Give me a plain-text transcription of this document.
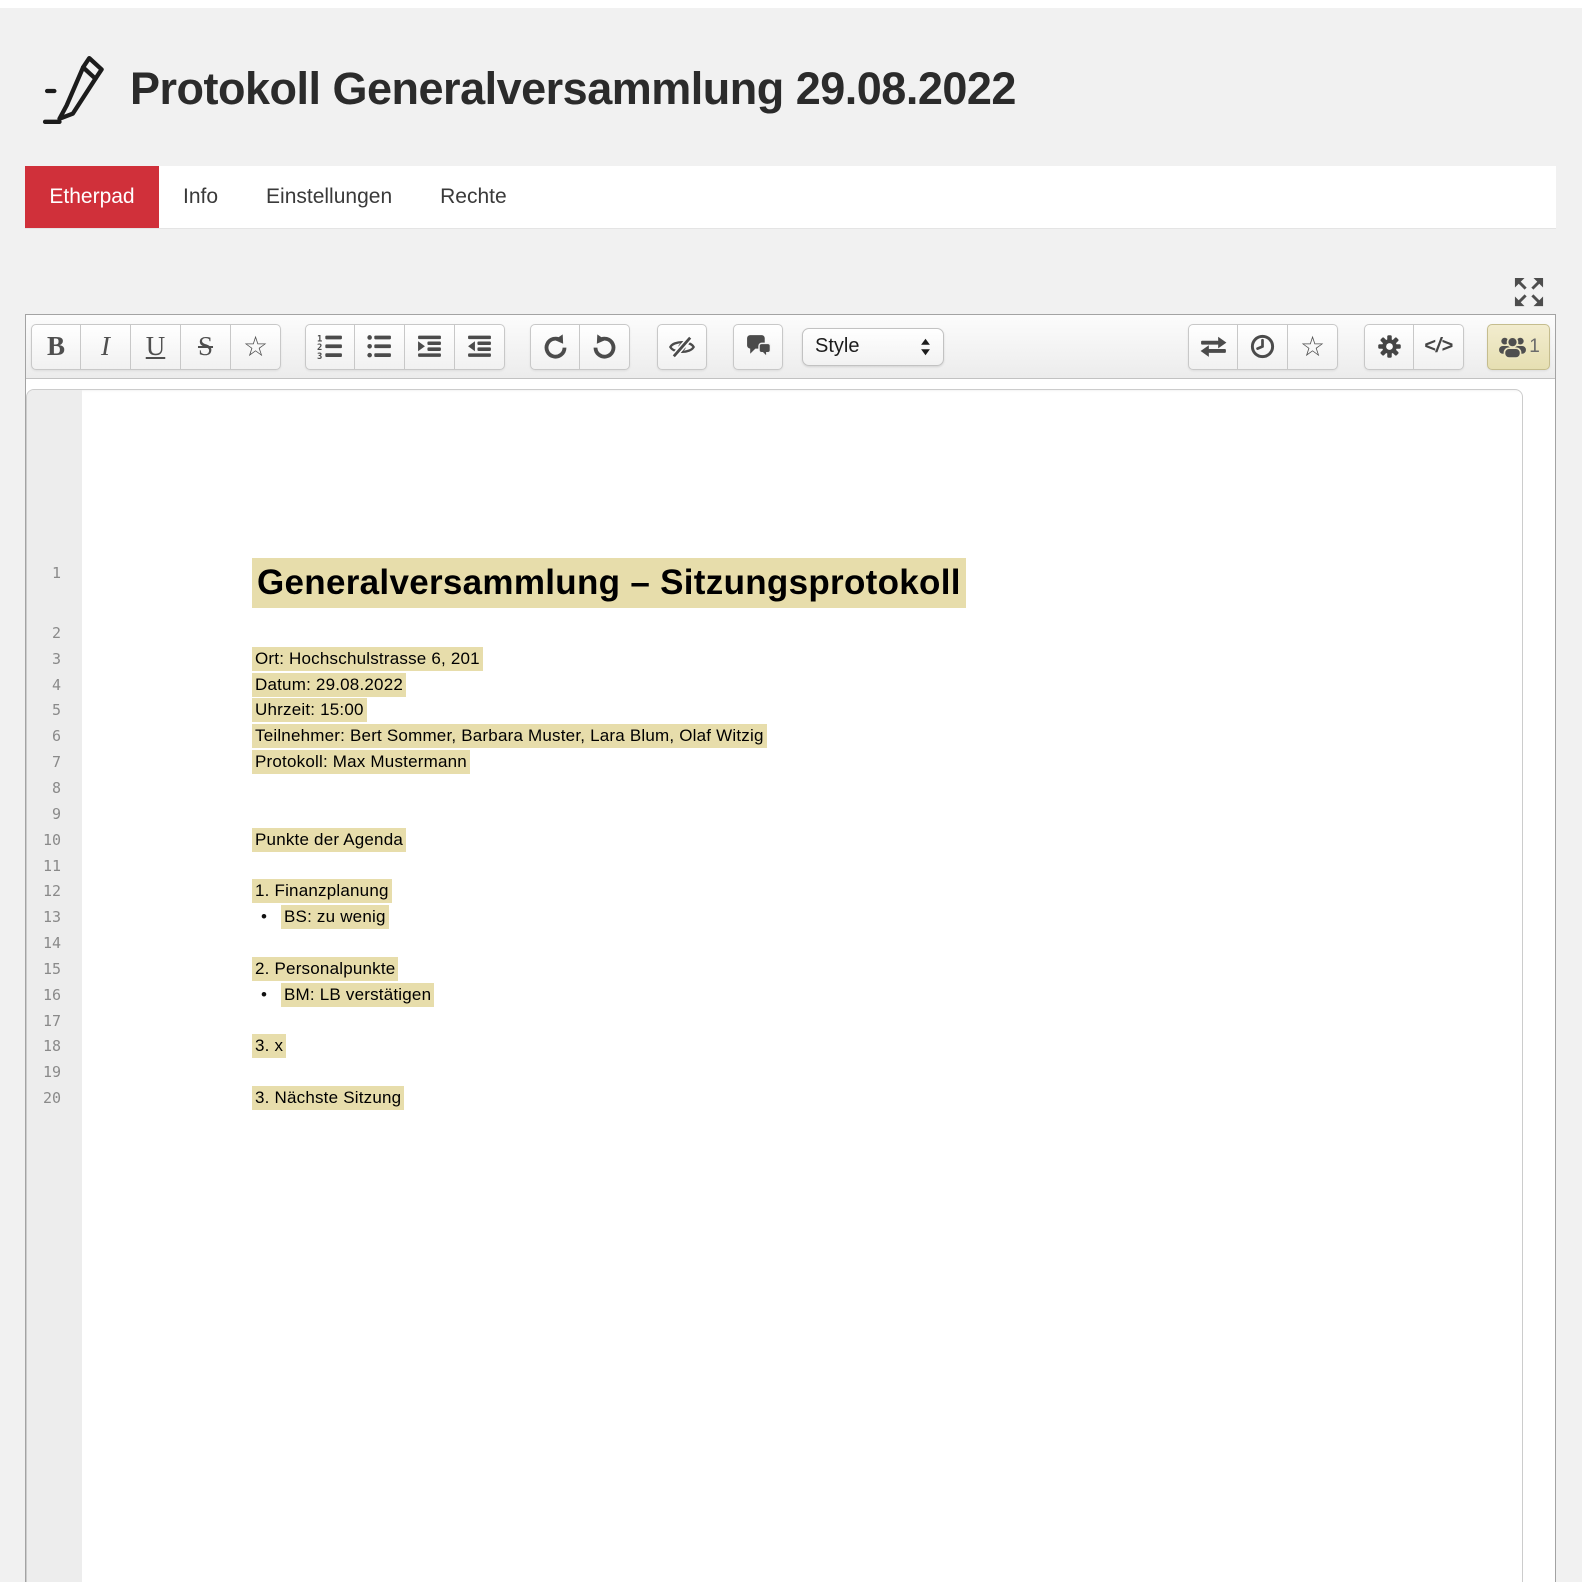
Protokoll Generalversammlung 29.08.2022
Etherpad	Info	Einstellungen	Rechte
B I U S ☆	1
2
3	Style	☆	</>	1
1	Generalversammlung – Sitzungsprotokoll
2
3	Ort: Hochschulstrasse 6, 201
4	Datum: 29.08.2022
5	Uhrzeit: 15:00
6	Teilnehmer: Bert Sommer, Barbara Muster, Lara Blum, Olaf Witzig
7	Protokoll: Max Mustermann
8
9
10	Punkte der Agenda
11
12	1. Finanzplanung
13	• BS: zu wenig
14
15	2. Personalpunkte
16	• BM: LB verstätigen
17
18	3. x
19
20	3. Nächste Sitzung
